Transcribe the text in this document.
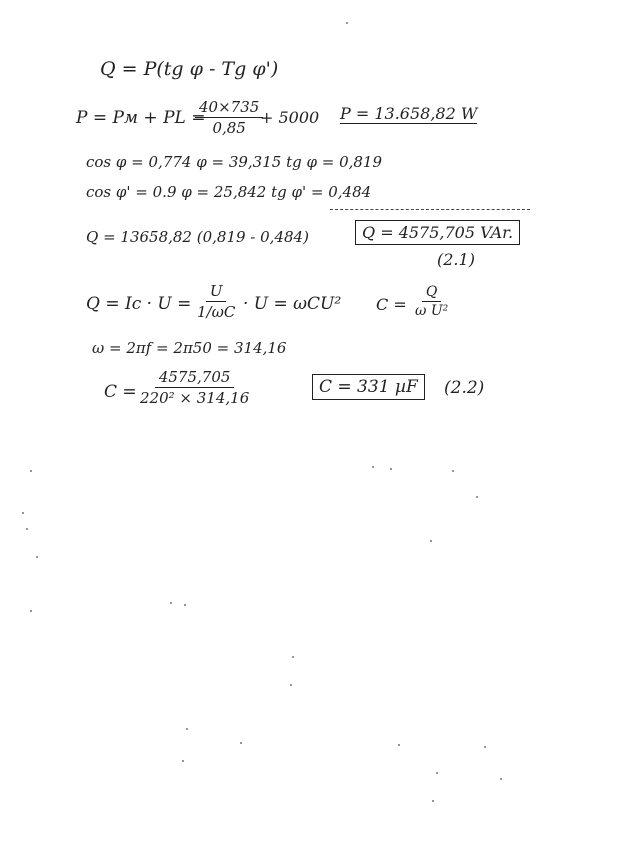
Q = P(tg φ - Tg φ')
P = Pм + PL =
$\frac{40\times 735}{0,85}$
+ 5000 P = 13.658,82 W
cos φ = 0,774 φ = 39,315 tg φ = 0,819
cos φ' = 0.9 φ = 25,842 tg φ' = 0,484
Q = 13658,82 (0,819 - 0,484)	Q = 4575,705 VAr.
(2.1)
$Q = Ic \cdot U = \frac{U}{1/\omega C} \cdot U = \omega CU^2$ $C = \frac{Q}{\text{ω U²}}$
ω = 2πf = 2π50 = 314,16
$C = \frac{4575,705}{\text{220² × 314,16}}$	C = 331 µF	(2.2)
